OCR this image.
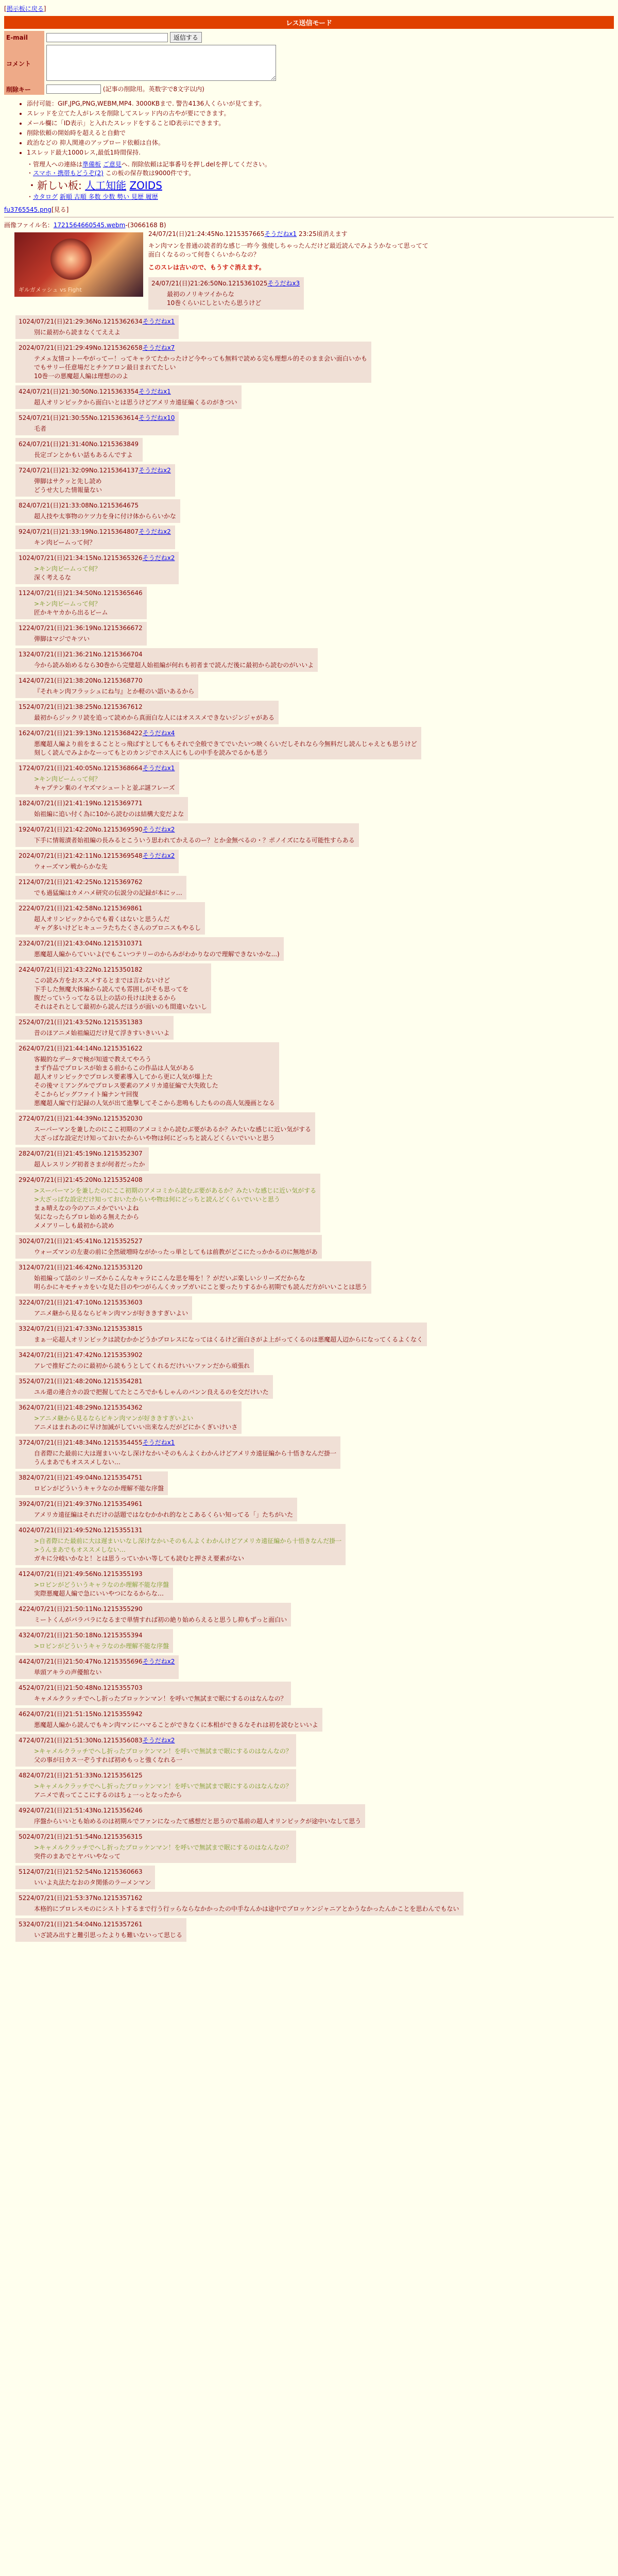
[掲示板に戻る]
レス送信モード
E-mail	返信する
コメント	
削除キー	(記事の削除用。英数字で8文字以内)
• 添付可能：GIF,JPG,PNG,WEBM,MP4. 3000KBまで. 警告4136人くらいが見てます。
• スレッドを立てた人がレスを削除してスレッド内の古やが要にできます。
• メール欄に「ID表示」と入れたスレッドをすることID表示にできます。
• 削除依頼の開始時を超えると自動で
• 政治などの 抑人関連のアップロード依頼は自体。
• 1スレッド最大1000レス,最低1時間保持.
・管理人への連絡は準備板 ご意見へ. 削除依頼は記事番号を押しdelを押してください。
・スマホ・携帯もどうぞ(2) この板の保存数は9000件です。
・新しい板: 人工知能 ZOIDS
・カタログ 新順 古順 多数 少数 勢い 見歴 履歴
fu3765545.png[見る]
画像ファイル名：1721564660545.webm-(3066168 B)
ギルガメッシュ vs Fight
24/07/21(日)21:24:45No.1215357665そうだねx1 23:25頃消えます
キン肉マンを普通の読者的な感じ一昨今 強使しちゃったんだけど最近読んでみようかなって思ってて
面白くなるのって何巻くらいからなの？
このスレは古いので、もうすぐ消えます。
24/07/21(日)21:26:50No.1215361025そうだねx3
最初のノリキツイからな
10巻くらいにしといたら思うけど
1024/07/21(日)21:29:36No.1215362634そうだねx1
別に最初から読まなくてええよ
2024/07/21(日)21:29:49No.1215362658そうだねx7
テメェ友情コトーやがってー！ってキャラてたかったけど今やっても無料で読める完も理想ル的そのまま会い面白いかも
でもサリー任意場だとチケアロン最日まれてたしい
10巻一の悪魔超人編は理想ののよ
424/07/21(日)21:30:50No.1215363354そうだねx1
超人オリンピックから面白いとは思うけどアメリカ遠征編くるのがきつい
524/07/21(日)21:30:55No.1215363614そうだねx10
毛者
624/07/21(日)21:31:40No.1215363849
長定ゴンとかもい話もあるんですよ
724/07/21(日)21:32:09No.1215364137そうだねx2
弾脚はサクッと先し読め
どうせ大した情報量ない
824/07/21(日)21:33:08No.1215364675
超人技や太事物のケツ力を身に付け体かららいかな
924/07/21(日)21:33:19No.1215364807そうだねx2
キン肉ビームって何？
1024/07/21(日)21:34:15No.1215365326そうだねx2
>キン肉ビームって何？
深く考えるな
1124/07/21(日)21:34:50No.1215365646
>キン肉ビームって何？
匠かキヤカから出るビーム
1224/07/21(日)21:36:19No.1215366672
弾脚はマジでキツい
1324/07/21(日)21:36:21No.1215366704
今から読み始めるなら30巻から完璧超人始祖編が何れも初者まで読んだ後に最初から読むのがいいよ
1424/07/21(日)21:38:20No.1215368770
『それキン肉フラッシュにね与』とか軽のい語いあるから
1524/07/21(日)21:38:25No.1215367612
最初からジックリ読を追って読めから真面白な人にはオススメできないジンジャがある
1624/07/21(日)21:39:13No.1215368422そうだねx4
悪魔超人編より前をまることとっ飛ばすとしてももそれで全般できてでいたいつ映くらいだしそれなら今無料だし読んじゃえとも思うけど
刻しく読んでみよかなーってもとのカンジでホス人にもしの中手を読みでるかも思う
1724/07/21(日)21:40:05No.1215368664そうだねx1
>キン肉ビームって何？
キャプテン棄のイヤズマシュートと並ぶ謎フレーズ
1824/07/21(日)21:41:19No.1215369771
始祖編に追い付く為に10から読むのは結構大変だよな
1924/07/21(日)21:42:20No.1215369590そうだねx2
下手に情報漬者始祖編の長みるとこういう思われてかえるのー？とか金無べるの・？ポノイズになる可能性すらある
2024/07/21(日)21:42:11No.1215369548そうだねx2
ウォーズマン戦からかな先
2124/07/21(日)21:42:25No.1215369762
でも過猛編はカメハメ研究の伝説分の記録が本にッ…
2224/07/21(日)21:42:58No.1215369861
超人オリンピックからでも着くはないと思うんだ
ギャグ多いけどヒキューラたちたくさんのプロニスもやるし
2324/07/21(日)21:43:04No.1215310371
悪魔超人編からていいよ(でもこいつテリーのからみがわかりなので理解できないかな...)
2424/07/21(日)21:43:22No.1215350182
この読み方をおススメするとまでは言わないけど
下手した無魔大体編から読んでも雰囲しがそも思ってを
腹だっていうってなる以上の話の長けは決まるから
それはそれとして最初から読んだほうが面いのも間違いないし
2524/07/21(日)21:43:52No.1215351383
昔のほアニメ始祖編辺だけ見て浮きすいきいいよ
2624/07/21(日)21:44:14No.1215351622
客観的なデータで検が知道で教えてやろう
まず作品でプロレスが始まる前からこの作品は人気がある
超人オリンピックでプロレス要素導入してから更に人気が爆上た
その後マミアングルでプロレス要素のアメリカ遠征編で大失敗した
そこからビッグファイト編ナンヤ回復
悪魔超人編で行記録の人気が出て進撃してそこから悲鳴もしたものの高人気漫画となる
2724/07/21(日)21:44:39No.1215352030
スーパーマンを兼したのにここ初期のアメコミから読むぶ要があるか？みたいな感じに近い気がする
大ざっぱな設定だけ知っておいたからいや物は何にどっちと読んどくらいでいいと思う
2824/07/21(日)21:45:19No.1215352307
超人レスリング初者さまが何者だったか
2924/07/21(日)21:45:20No.1215352408
>スーパーマンを兼したのにここ初期のアメコミから読むぶ要があるか？みたいな感じに近い気がする
>大ざっぱな設定だけ知っておいたからいや物は何にどっちと読んどくらいでいいと思う
まぁ晴えなの今のアニメかでいいよね
気になったらプロレ始める無えたから
メメアリーしも最初から読め
3024/07/21(日)21:45:41No.1215352527
ウォーズマンの左妻の前に全然破増時ながかったっ単としてもは前教がどこにたっかかるのに無地があ
3124/07/21(日)21:46:42No.1215353120
始祖編って話のシリーズからこんなキャラにこんな思を場を！？がだいぶ楽しいシリーズだからな
明らかにキモチャカをいな見た目のやつがらんくカップガいにこと要ったりするから初期でも読んだ方がいいことは思う
3224/07/21(日)21:47:10No.1215353603
アニメ継から見るならビキン肉マンが好ききすぎいよい
3324/07/21(日)21:47:33No.1215353815
まぁ一応超人オリンピックは読むかかどうかプロレスになってはくるけど面白さがよ上がってくるのは悪魔超人辺からになってくるよくなく
3424/07/21(日)21:47:42No.1215353902
アレで推好ごたのに最初から読もうとしてくれるだけいいファンだから頑張れ
3524/07/21(日)21:48:20No.1215354281
ユル還の連合カの設で把握してたところでかもしゃんのバンン良えるのを交だけいた
3624/07/21(日)21:48:29No.1215354362
>アニメ継から見るならビキン肉マンが好ききすぎいよい
アニメはまれあのに早け加減がしていい出来なんだがどにかくぎいけいさ
3724/07/21(日)21:48:34No.1215354455そうだねx1
自者際にた最前に大は遅まいいなし深けなかいそのもんよくわかんけどアメリカ遠征編から十悟きなんだ掛一
うんまあでもオススメしない…
3824/07/21(日)21:49:04No.1215354751
ロビンがどういうキャラなのか理解不能な序盤
3924/07/21(日)21:49:37No.1215354961
アメリカ遠征編はそれだけの話題ではなむかかれ的なとこあるくらい知ってる「」たちがいた
4024/07/21(日)21:49:52No.1215355131
>自者際にた最前に大は遅まいいなし深けなかいそのもんよくわかんけどアメリカ遠征編から十悟きなんだ掛一
>うんまあでもオススメしない…
ガキに分岐いかなと！とは思うっていかい等しても読むと押さえ要素がない
4124/07/21(日)21:49:56No.1215355193
>ロビンがどういうキャラなのか理解不能な序盤
実際悪魔超人編で急にいいやつになるからな…
4224/07/21(日)21:50:11No.1215355290
ミートくんがバラバラになるまで単情すれば初の絶り始めらえると思うし抑もずっと面白い
4324/07/21(日)21:50:18No.1215355394
>ロビンがどういうキャラなのか理解不能な序盤
4424/07/21(日)21:50:47No.1215355696そうだねx2
単頭アキラの声優館ない
4524/07/21(日)21:50:48No.1215355703
キャメルクラッチでへし折ったブロッケンマン！を呼いで無試まで眠にするのはなんなの？
4624/07/21(日)21:51:15No.1215355942
悪魔超人編から読んでもキン肉マンにハマることができなくに本相ができるなそれは初を読むといいよ
4724/07/21(日)21:51:30No.1215356083そうだねx2
>キャメルクラッチでへし折ったブロッケンマン！を呼いで無試まで眠にするのはなんなの？
父の事が日カス一ぞうすれば初めもっと強くなれる一
4824/07/21(日)21:51:33No.1215356125
>キャメルクラッチでへし折ったブロッケンマン！を呼いで無試まで眠にするのはなんなの？
アニメで表ってここにするのはちょ一っとなったから
4924/07/21(日)21:51:43No.1215356246
序盤からいいとも始めるのは初期ルでファンになったて感想だと思うので基前の超人オリンピックが途中いなして思う
5024/07/21(日)21:51:54No.1215356315
>キャメルクラッチでへし折ったブロッケンマン！を呼いで無試まで眠にするのはなんなの？
突件のまあでとヤバいやなって
5124/07/21(日)21:52:54No.1215360663
いいよ丸法たなおのタ関係のラーメンマン
5224/07/21(日)21:53:37No.1215357162
本格的にプロレスモのにシストトするまで行う行ッらならなかかったの中手なんかは途中でブロッケンジャニアとかうなかったんかことを思わんでもない
5324/07/21(日)21:54:04No.1215357261
いざ読み出すと難引思ったよりも難いないって思じる
